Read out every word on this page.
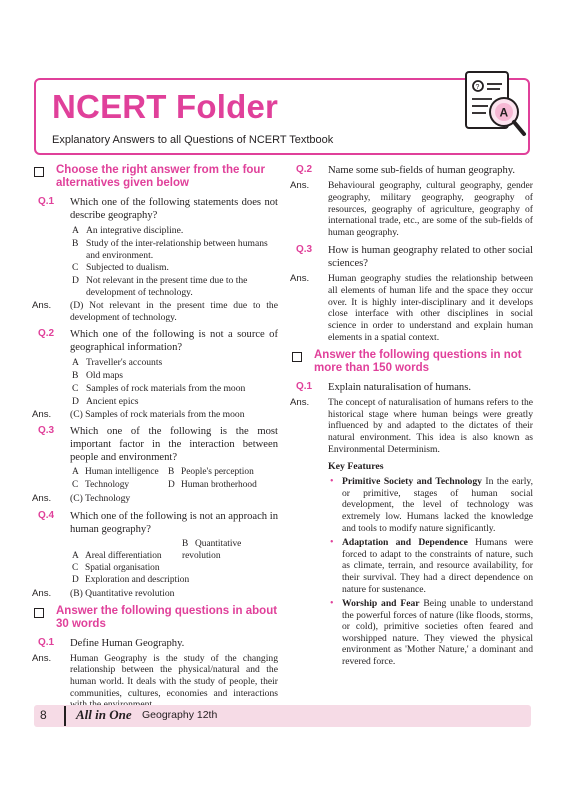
NCERT Folder
Explanatory Answers to all Questions of NCERT Textbook
?
A
Choose the right answer from the four alternatives given below
Q.1 Which one of the following statements does not describe geography?
A An integrative discipline.
B Study of the inter-relationship between humans and environment.
C Subjected to dualism.
D Not relevant in the present time due to the development of technology.
Ans. (D) Not relevant in the present time due to the development of technology.
Q.2 Which one of the following is not a source of geographical information?
A Traveller's accounts
B Old maps
C Samples of rock materials from the moon
D Ancient epics
Ans. (C) Samples of rock materials from the moon
Q.3 Which one of the following is the most important factor in the interaction between people and environment?
A Human intelligence B People's perception
C Technology	D Human brotherhood
Ans. (C) Technology
Q.4 Which one of the following is not an approach in human geography?
A Areal differentiationB Quantitative revolution
C Spatial organisationD Exploration and description
Ans. (B) Quantitative revolution
Answer the following questions in about 30 words
Q.1 Define Human Geography.
Ans. Human Geography is the study of the changing relationship between the physical/natural and the human world. It deals with the study of people, their communities, cultures, economies and interactions
Q.2 Name some sub-fields of human geography.
Ans. Behavioural geography, cultural geography, gender geography, military geography, geography of resources, geography of agriculture, geography of international trade, etc., are some of the sub-fields of human geography.
Q.3 How is human geography related to other social sciences?
Ans. Human geography studies the relationship between all elements of human life and the space they occur over. It is highly inter-disciplinary and it develops close interface with other disciplines in social science in order to understand and explain human elements in a spatial context.
Answer the following questions in not more than 150 words
Q.1 Explain naturalisation of humans.
Ans. The concept of naturalisation of humans refers to the historical stage where human beings were greatly influenced by and adapted to the dictates of their natural environment. This idea is also known as Environmental Determinism.
Key Features
• Primitive Society and Technology In the early, or primitive, stages of human social development, the level of technology was extremely low. Humans lacked the knowledge and tools to modify nature significantly.
• Adaptation and Dependence Humans were forced to adapt to the constraints of nature, such as climate, terrain, and resource availability, for their survival. They had a direct dependence on nature for sustenance.
• Worship and Fear Being unable to understand the powerful forces of nature (like floods, storms, or cold), primitive societies often feared and worshipped nature. They viewed the physical environment as 'Mother Nature,' a dominant and revered force.
8 All in One Geography 12th
